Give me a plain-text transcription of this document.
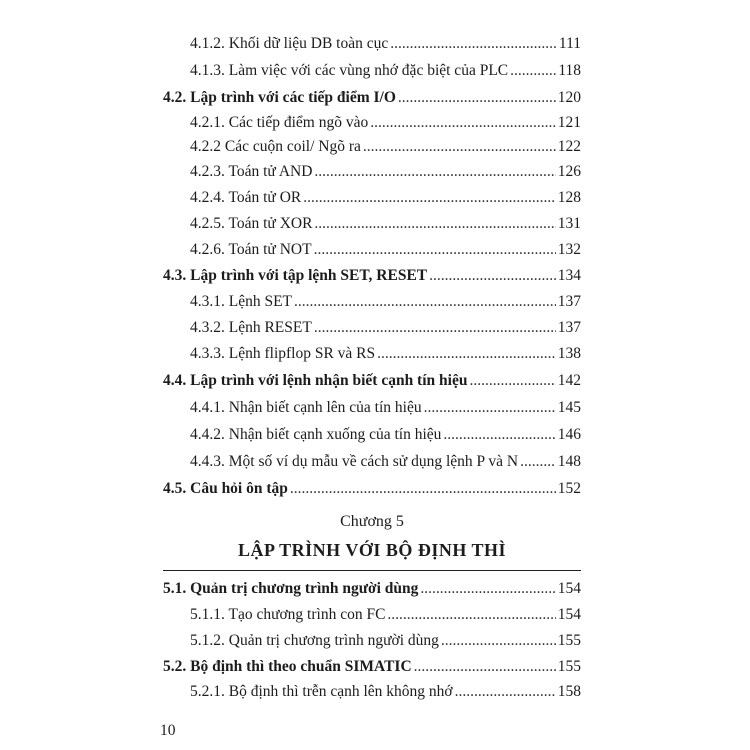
4.1.2. Khối dữ liệu DB toàn cục .....	111
4.1.3. Làm việc với các vùng nhớ đặc biệt của PLC .....	118
4.2. Lập trình với các tiếp điểm I/O .....	120
4.2.1. Các tiếp điểm ngõ vào .....	121
4.2.2 Các cuộn coil/ Ngõ ra .....	122
4.2.3. Toán tử AND .....	126
4.2.4. Toán tử OR .....	128
4.2.5. Toán tử XOR .....	131
4.2.6. Toán tử NOT .....	132
4.3. Lập trình với tập lệnh SET, RESET .....	134
4.3.1. Lệnh SET .....	137
4.3.2. Lệnh RESET .....	137
4.3.3. Lệnh flipflop SR và RS .....	138
4.4. Lập trình với lệnh nhận biết cạnh tín hiệu .....	142
4.4.1. Nhận biết cạnh lên của tín hiệu .....	145
4.4.2. Nhận biết cạnh xuống của tín hiệu .....	146
4.4.3. Một số ví dụ mẫu về cách sử dụng lệnh P và N .....	148
4.5. Câu hỏi ôn tập .....	152
Chương 5
LẬP TRÌNH VỚI BỘ ĐỊNH THÌ
5.1. Quản trị chương trình người dùng .....	154
5.1.1. Tạo chương trình con FC .....	154
5.1.2. Quản trị chương trình người dùng .....	155
5.2. Bộ định thì theo chuẩn SIMATIC .....	155
5.2.1. Bộ định thì trễn cạnh lên không nhớ .....	158
10
